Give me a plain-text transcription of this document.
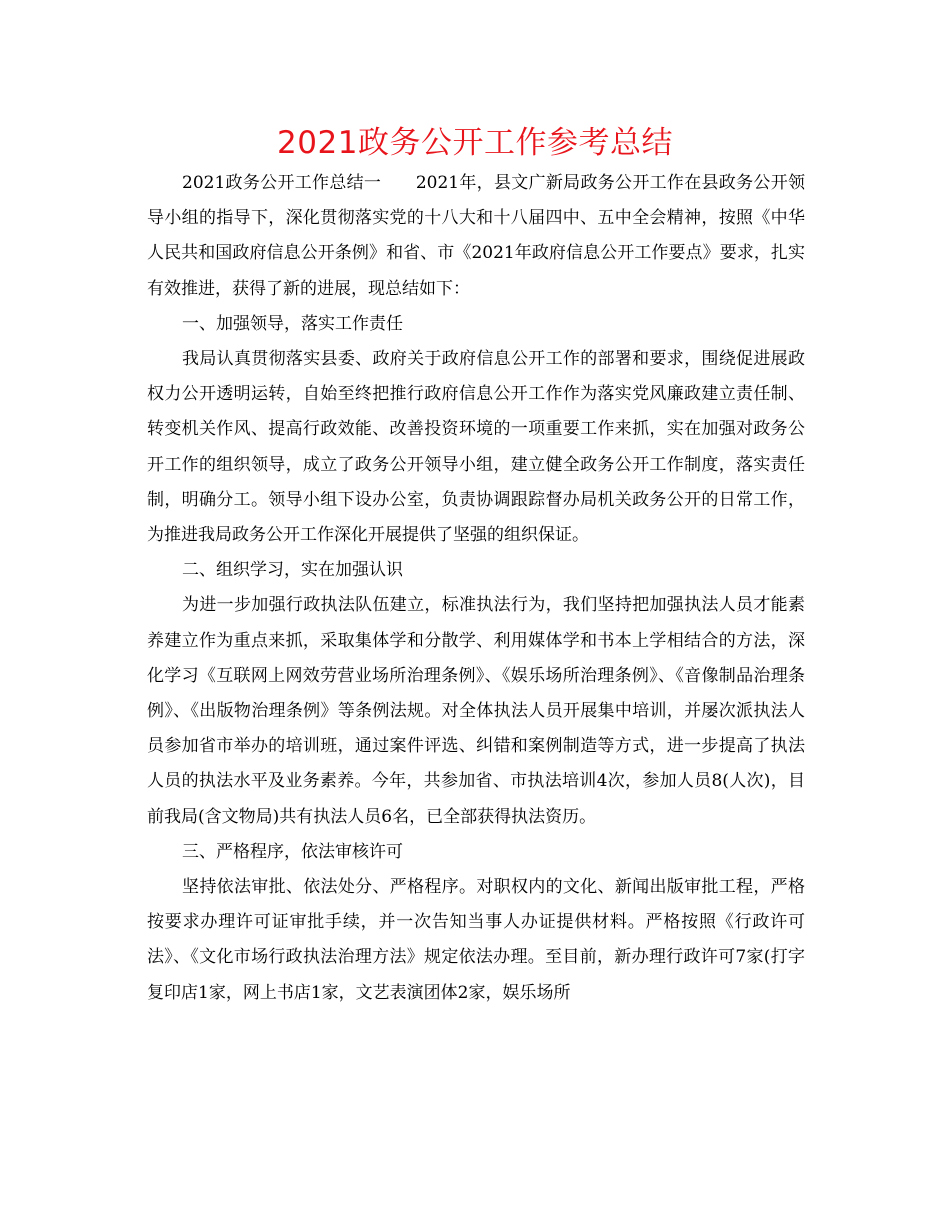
2021政务公开工作参考总结

2021政务公开工作总结一　　2021年，县文广新局政务公开工作在县政务公开领导小组的指导下，深化贯彻落实党的十八大和十八届四中、五中全会精神，按照《中华人民共和国政府信息公开条例》和省、市《2021年政府信息公开工作要点》要求，扎实有效推进，获得了新的进展，现总结如下：

一、加强领导，落实工作责任

我局认真贯彻落实县委、政府关于政府信息公开工作的部署和要求，围绕促进展政权力公开透明运转，自始至终把推行政府信息公开工作作为落实党风廉政建立责任制、转变机关作风、提高行政效能、改善投资环境的一项重要工作来抓，实在加强对政务公开工作的组织领导，成立了政务公开领导小组，建立健全政务公开工作制度，落实责任制，明确分工。领导小组下设办公室，负责协调跟踪督办局机关政务公开的日常工作，为推进我局政务公开工作深化开展提供了坚强的组织保证。

二、组织学习，实在加强认识

为进一步加强行政执法队伍建立，标准执法行为，我们坚持把加强执法人员才能素养建立作为重点来抓，采取集体学和分散学、利用媒体学和书本上学相结合的方法，深化学习《互联网上网效劳营业场所治理条例》、《娱乐场所治理条例》、《音像制品治理条例》、《出版物治理条例》等条例法规。对全体执法人员开展集中培训，并屡次派执法人员参加省市举办的培训班，通过案件评选、纠错和案例制造等方式，进一步提高了执法人员的执法水平及业务素养。今年，共参加省、市执法培训4次，参加人员8(人次)，目前我局(含文物局)共有执法人员6名，已全部获得执法资历。

三、严格程序，依法审核许可

坚持依法审批、依法处分、严格程序。对职权内的文化、新闻出版审批工程，严格按要求办理许可证审批手续，并一次告知当事人办证提供材料。严格按照《行政许可法》、《文化市场行政执法治理方法》规定依法办理。至目前，新办理行政许可7家(打字复印店1家，网上书店1家，文艺表演团体2家，娱乐场所
